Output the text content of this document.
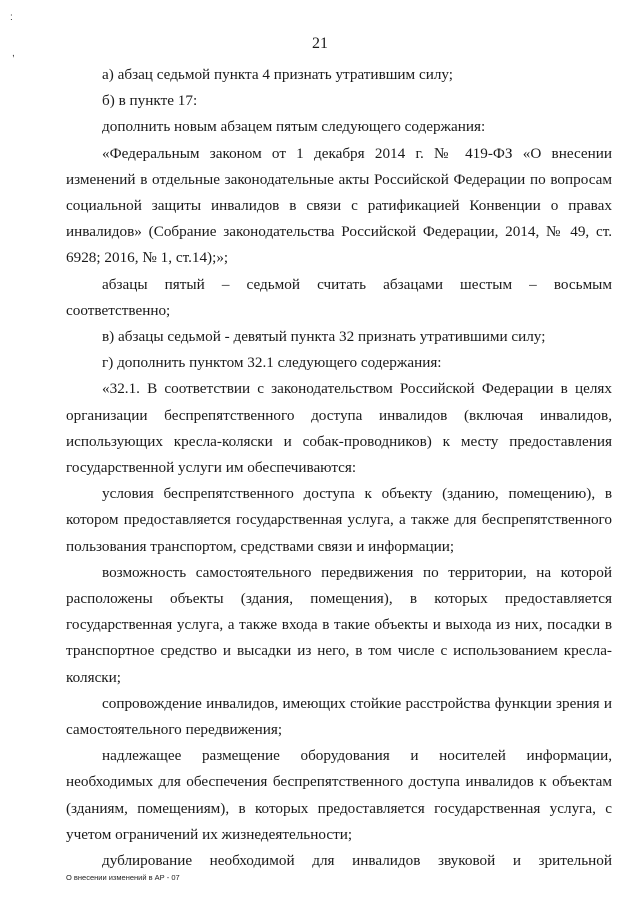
:
,
21

а) абзац седьмой пункта 4 признать утратившим силу;

б) в пункте 17:

дополнить новым абзацем пятым следующего содержания:

«Федеральным законом от 1 декабря 2014 г. № 419-ФЗ «О внесении изменений в отдельные законодательные акты Российской Федерации по вопросам социальной защиты инвалидов в связи с ратификацией Конвенции о правах инвалидов» (Собрание законодательства Российской Федерации, 2014, № 49, ст. 6928; 2016, № 1, ст.14);»;

абзацы пятый – седьмой считать абзацами шестым – восьмым соответственно;

в) абзацы седьмой - девятый пункта 32 признать утратившими силу;

г) дополнить пунктом 32.1 следующего содержания:

«32.1. В соответствии с законодательством Российской Федерации в целях организации беспрепятственного доступа инвалидов (включая инвалидов, использующих кресла-коляски и собак-проводников) к месту предоставления государственной услуги им обеспечиваются:

условия беспрепятственного доступа к объекту (зданию, помещению), в котором предоставляется государственная услуга, а также для беспрепятственного пользования транспортом, средствами связи и информации;

возможность самостоятельного передвижения по территории, на которой расположены объекты (здания, помещения), в которых предоставляется государственная услуга, а также входа в такие объекты и выхода из них, посадки в транспортное средство и высадки из него, в том числе с использованием кресла-коляски;

сопровождение инвалидов, имеющих стойкие расстройства функции зрения и самостоятельного передвижения;

надлежащее размещение оборудования и носителей информации, необходимых для обеспечения беспрепятственного доступа инвалидов к объектам (зданиям, помещениям), в которых предоставляется государственная услуга, с учетом ограничений их жизнедеятельности;

дублирование необходимой для инвалидов звуковой и зрительной

О внесении изменений в АР - 07
